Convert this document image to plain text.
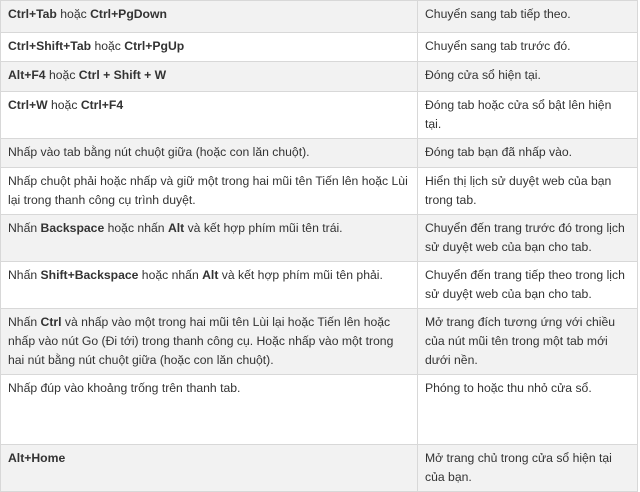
Ctrl+Tab hoặc Ctrl+PgDown	Chuyển sang tab tiếp theo.
Ctrl+Shift+Tab hoặc Ctrl+PgUp	Chuyển sang tab trước đó.
Alt+F4 hoặc Ctrl + Shift + W	Đóng cửa sổ hiện tại.
Ctrl+W hoặc Ctrl+F4	Đóng tab hoặc cửa sổ bật lên hiện tại.
Nhấp vào tab bằng nút chuột giữa (hoặc con lăn chuột).	Đóng tab bạn đã nhấp vào.
Nhấp chuột phải hoặc nhấp và giữ một trong hai mũi tên Tiến lên hoặc Lùi lại trong thanh công cụ trình duyệt.	Hiển thị lịch sử duyệt web của bạn trong tab.
Nhấn Backspace hoặc nhấn Alt và kết hợp phím mũi tên trái.	Chuyển đến trang trước đó trong lịch sử duyệt web của bạn cho tab.
Nhấn Shift+Backspace hoặc nhấn Alt và kết hợp phím mũi tên phải.	Chuyển đến trang tiếp theo trong lịch sử duyệt web của bạn cho tab.
Nhấn Ctrl và nhấp vào một trong hai mũi tên Lùi lại hoặc Tiến lên hoặc nhấp vào nút Go (Đi tới) trong thanh công cụ. Hoặc nhấp vào một trong hai nút bằng nút chuột giữa (hoặc con lăn chuột).	Mở trang đích tương ứng với chiều của nút mũi tên trong một tab mới dưới nền.
Nhấp đúp vào khoảng trống trên thanh tab.	Phóng to hoặc thu nhỏ cửa sổ.
Alt+Home	Mở trang chủ trong cửa sổ hiện tại của bạn.
